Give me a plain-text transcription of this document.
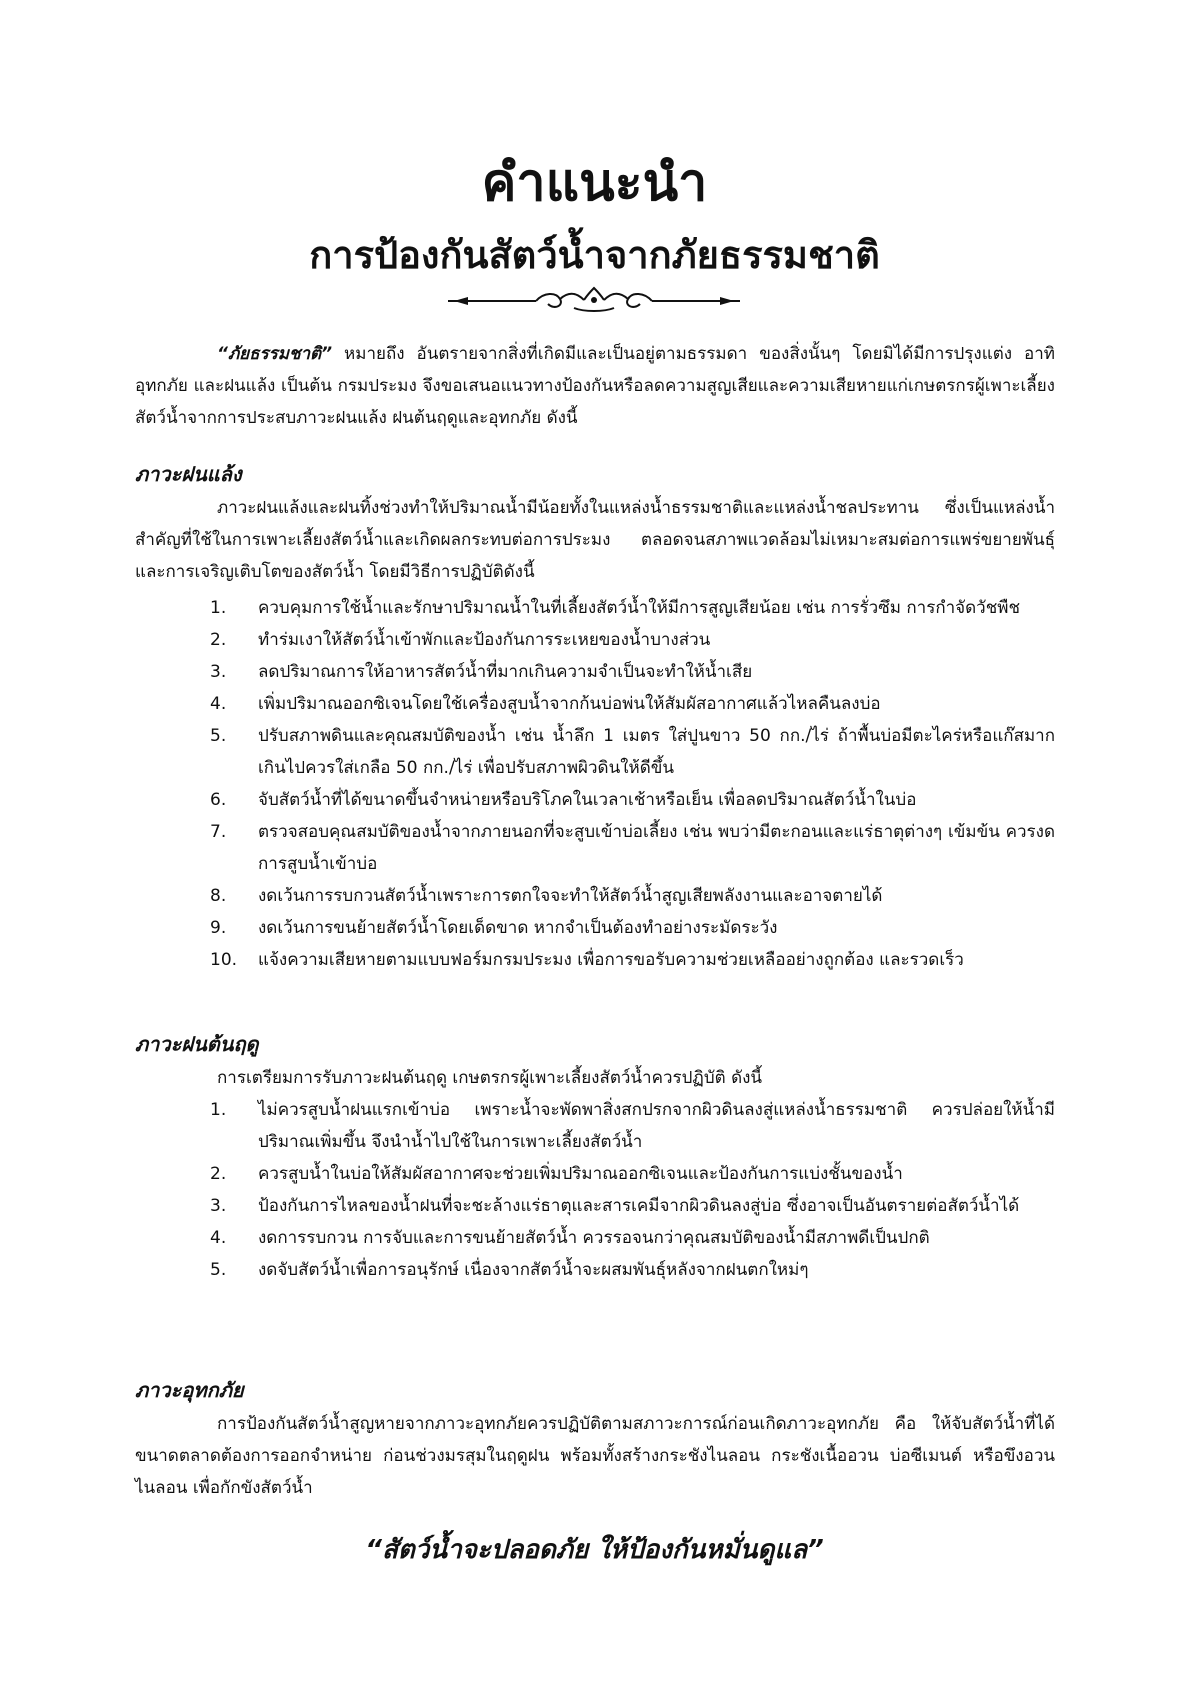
คำแนะนำ
การป้องกันสัตว์น้ำจากภัยธรรมชาติ

“ภัยธรรมชาติ” หมายถึง อันตรายจากสิ่งที่เกิดมีและเป็นอยู่ตามธรรมดา ของสิ่งนั้นๆ โดยมิได้มีการปรุงแต่ง อาทิ อุทกภัย และฝนแล้ง เป็นต้น กรมประมง จึงขอเสนอแนวทางป้องกันหรือลดความสูญเสียและความเสียหายแก่เกษตรกรผู้เพาะเลี้ยงสัตว์น้ำจากการประสบภาวะฝนแล้ง ฝนต้นฤดูและอุทกภัย ดังนี้

ภาวะฝนแล้ง

ภาวะฝนแล้งและฝนทิ้งช่วงทำให้ปริมาณน้ำมีน้อยทั้งในแหล่งน้ำธรรมชาติและแหล่งน้ำชลประทาน ซึ่งเป็นแหล่งน้ำสำคัญที่ใช้ในการเพาะเลี้ยงสัตว์น้ำและเกิดผลกระทบต่อการประมง ตลอดจนสภาพแวดล้อมไม่เหมาะสมต่อการแพร่ขยายพันธุ์และการเจริญเติบโตของสัตว์น้ำ โดยมีวิธีการปฏิบัติดังนี้

1.	ควบคุมการใช้น้ำและรักษาปริมาณน้ำในที่เลี้ยงสัตว์น้ำให้มีการสูญเสียน้อย เช่น การรั่วซึม การกำจัดวัชพืช
2.	ทำร่มเงาให้สัตว์น้ำเข้าพักและป้องกันการระเหยของน้ำบางส่วน
3.	ลดปริมาณการให้อาหารสัตว์น้ำที่มากเกินความจำเป็นจะทำให้น้ำเสีย
4.	เพิ่มปริมาณออกซิเจนโดยใช้เครื่องสูบน้ำจากก้นบ่อพ่นให้สัมผัสอากาศแล้วไหลคืนลงบ่อ
5.	ปรับสภาพดินและคุณสมบัติของน้ำ เช่น น้ำลึก 1 เมตร ใส่ปูนขาว 50 กก./ไร่ ถ้าพื้นบ่อมีตะไคร่หรือแก๊สมากเกินไปควรใส่เกลือ 50 กก./ไร่ เพื่อปรับสภาพผิวดินให้ดีขึ้น
6.	จับสัตว์น้ำที่ได้ขนาดขึ้นจำหน่ายหรือบริโภคในเวลาเช้าหรือเย็น เพื่อลดปริมาณสัตว์น้ำในบ่อ
7.	ตรวจสอบคุณสมบัติของน้ำจากภายนอกที่จะสูบเข้าบ่อเลี้ยง เช่น พบว่ามีตะกอนและแร่ธาตุต่างๆ เข้มข้น ควรงดการสูบน้ำเข้าบ่อ
8.	งดเว้นการรบกวนสัตว์น้ำเพราะการตกใจจะทำให้สัตว์น้ำสูญเสียพลังงานและอาจตายได้
9.	งดเว้นการขนย้ายสัตว์น้ำโดยเด็ดขาด หากจำเป็นต้องทำอย่างระมัดระวัง
10.	แจ้งความเสียหายตามแบบฟอร์มกรมประมง เพื่อการขอรับความช่วยเหลืออย่างถูกต้อง และรวดเร็ว
ภาวะฝนต้นฤดู

การเตรียมการรับภาวะฝนต้นฤดู เกษตรกรผู้เพาะเลี้ยงสัตว์น้ำควรปฏิบัติ ดังนี้

1.	ไม่ควรสูบน้ำฝนแรกเข้าบ่อ เพราะน้ำจะพัดพาสิ่งสกปรกจากผิวดินลงสู่แหล่งน้ำธรรมชาติ ควรปล่อยให้น้ำมีปริมาณเพิ่มขึ้น จึงนำน้ำไปใช้ในการเพาะเลี้ยงสัตว์น้ำ
2.	ควรสูบน้ำในบ่อให้สัมผัสอากาศจะช่วยเพิ่มปริมาณออกซิเจนและป้องกันการแบ่งชั้นของน้ำ
3.	ป้องกันการไหลของน้ำฝนที่จะชะล้างแร่ธาตุและสารเคมีจากผิวดินลงสู่บ่อ ซึ่งอาจเป็นอันตรายต่อสัตว์น้ำได้
4.	งดการรบกวน การจับและการขนย้ายสัตว์น้ำ ควรรอจนกว่าคุณสมบัติของน้ำมีสภาพดีเป็นปกติ
5.	งดจับสัตว์น้ำเพื่อการอนุรักษ์ เนื่องจากสัตว์น้ำจะผสมพันธุ์หลังจากฝนตกใหม่ๆ
ภาวะอุทกภัย

การป้องกันสัตว์น้ำสูญหายจากภาวะอุทกภัยควรปฏิบัติตามสภาวะการณ์ก่อนเกิดภาวะอุทกภัย คือ ให้จับสัตว์น้ำที่ได้ขนาดตลาดต้องการออกจำหน่าย ก่อนช่วงมรสุมในฤดูฝน พร้อมทั้งสร้างกระชังไนลอน กระชังเนื้ออวน บ่อซีเมนต์ หรือขึงอวนไนลอน เพื่อกักขังสัตว์น้ำ

“สัตว์น้ำจะปลอดภัย ให้ป้องกันหมั่นดูแล”
